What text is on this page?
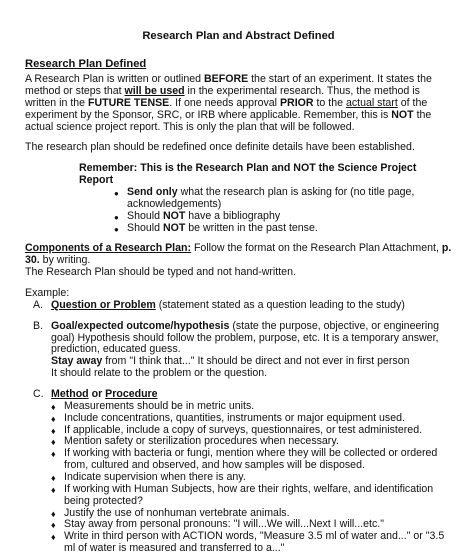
Research Plan and Abstract Defined
Research Plan Defined

A Research Plan is written or outlined BEFORE the start of an experiment. It states the method or steps that will be used in the experimental research. Thus, the method is written in the FUTURE TENSE. If one needs approval PRIOR to the actual start of the experiment by the Sponsor, SRC, or IRB where applicable. Remember, this is NOT the actual science project report. This is only the plan that will be followed.

The research plan should be redefined once definite details have been established.

Remember: This is the Research Plan and NOT the Science Project Report

● Send only what the research plan is asking for (no title page, acknowledgements)
● Should NOT have a bibliography
● Should NOT be written in the past tense.

Components of a Research Plan: Follow the format on the Research Plan Attachment, p. 30. by writing.

The Research Plan should be typed and not hand-written.

Example:

A. Question or Problem (statement stated as a question leading to the study)
B. Goal/expected outcome/hypothesis (state the purpose, objective, or engineering goal) Hypothesis should follow the problem, purpose, etc. It is a temporary answer, prediction, educated guess.
Stay away from "I think that..." It should be direct and not ever in first person
It should relate to the problem or the question.
C. Method or Procedure
♦ Measurements should be in metric units.
♦ Include concentrations, quantities, instruments or major equipment used.
♦ If applicable, include a copy of surveys, questionnaires, or test administered.
♦ Mention safety or sterilization procedures when necessary.
♦ If working with bacteria or fungi, mention where they will be collected or ordered from, cultured and observed, and how samples will be disposed.
♦ Indicate supervision when there is any.
♦ If working with Human Subjects, how are their rights, welfare, and identification being protected?
♦ Justify the use of nonhuman vertebrate animals.
♦ Stay away from personal pronouns: "I will...We will...Next I will...etc."
♦ Write in third person with ACTION words, "Measure 3.5 ml of water and..." or "3.5 ml of water is measured and transferred to a..."
